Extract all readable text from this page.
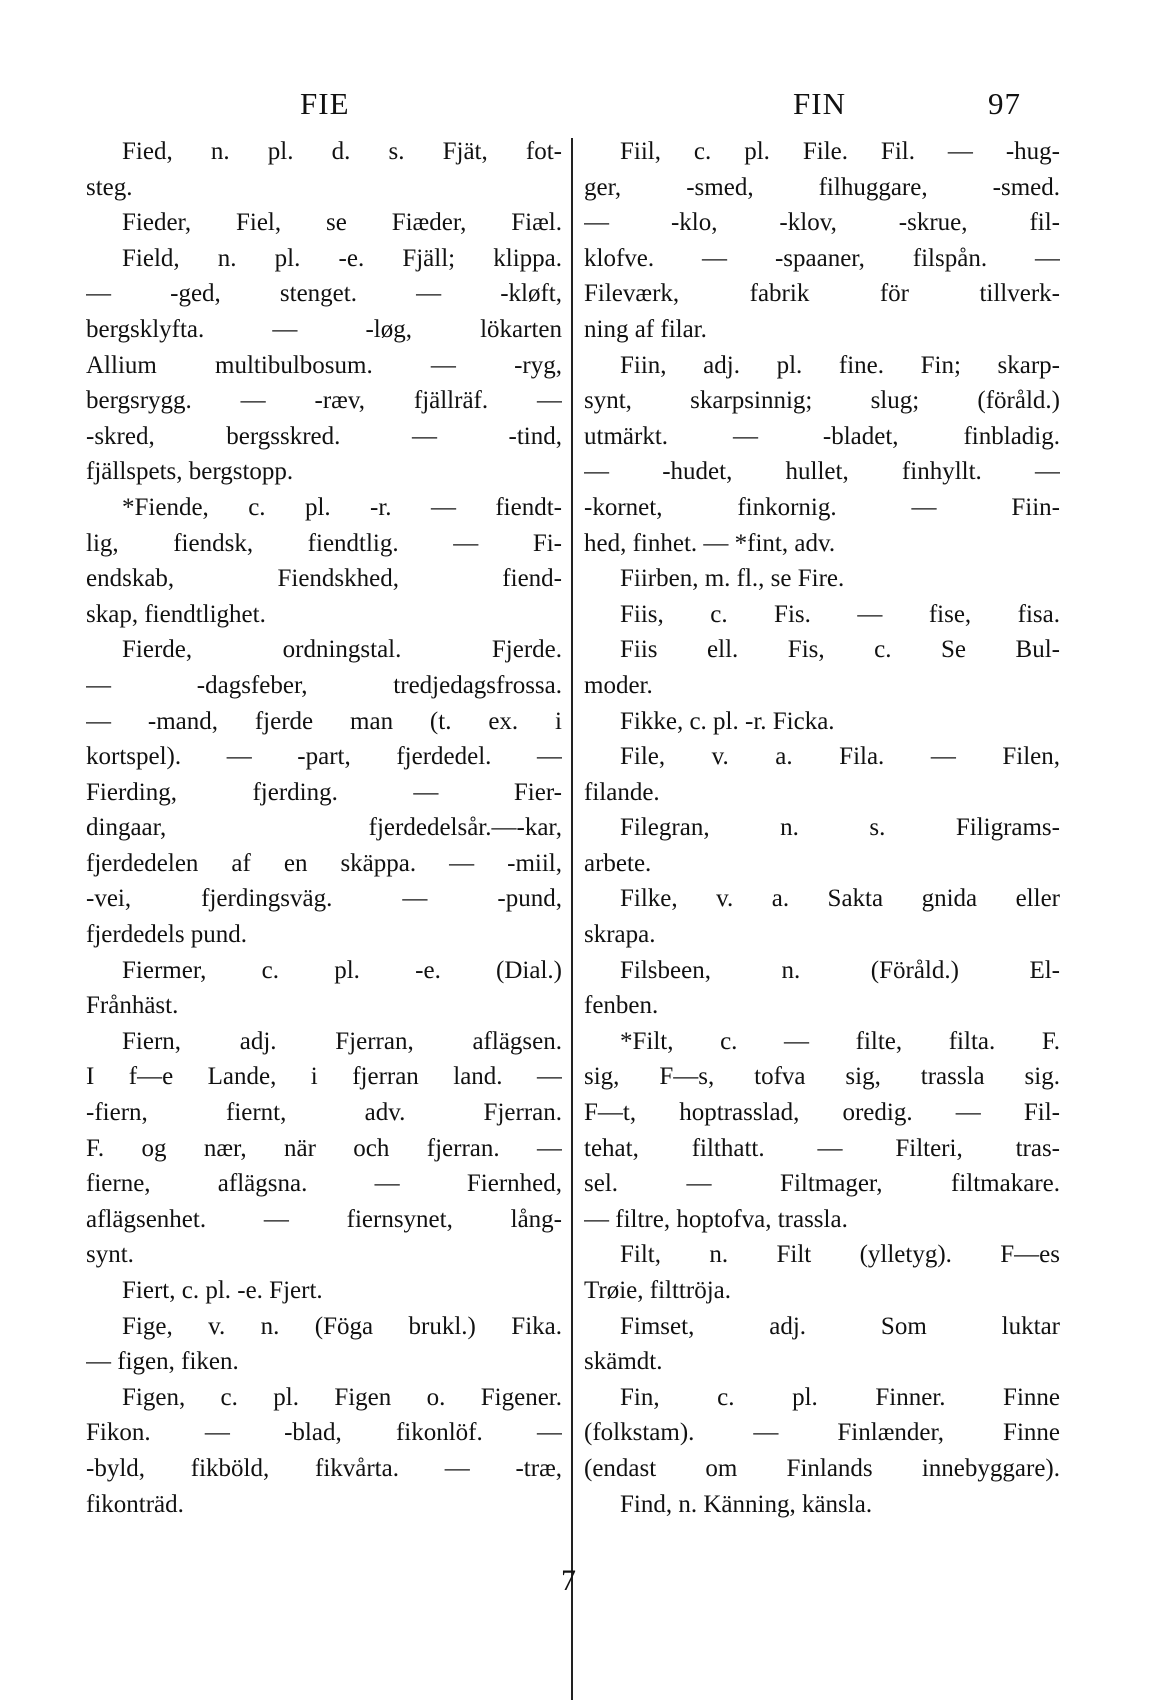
FIE	FIN	97
Fied, n. pl. d. s. Fjät, fot-
steg.
Fieder, Fiel, se Fiæder, Fiæl.
Field, n. pl. -e. Fjäll; klippa.
— -ged, stenget. — -kløft,
bergsklyfta. — -løg, lökarten
Allium multibulbosum. — -ryg,
bergsrygg. — -ræv, fjällräf. —
-skred, bergsskred. — -tind,
fjällspets, bergstopp.
*Fiende, c. pl. -r. — fiendt-
lig, fiendsk, fiendtlig. — Fi-
endskab, Fiendskhed, fiend-
skap, fiendtlighet.
Fierde, ordningstal. Fjerde.
— -dagsfeber, tredjedagsfrossa.
— -mand, fjerde man (t. ex. i
kortspel). — -part, fjerdedel. —
Fierding, fjerding. — Fier-
dingaar, fjerdedelsår.—-kar,
fjerdedelen af en skäppa. — -miil,
-vei, fjerdingsväg. — -pund,
fjerdedels pund.
Fiermer, c. pl. -e. (Dial.)
Frånhäst.
Fiern, adj. Fjerran, aflägsen.
I f—e Lande, i fjerran land. —
-fiern, fiernt, adv. Fjerran.
F. og nær, när och fjerran. —
fierne, aflägsna. — Fiernhed,
aflägsenhet. — fiernsynet, lång-
synt.
Fiert, c. pl. -e. Fjert.
Fige, v. n. (Föga brukl.) Fika.
— figen, fiken.
Figen, c. pl. Figen o. Figener.
Fikon. — -blad, fikonlöf. —
-byld, fikböld, fikvårta. — -træ,
fikonträd.
Fiil, c. pl. File. Fil. — -hug-
ger, -smed, filhuggare, -smed.
— -klo, -klov, -skrue, fil-
klofve. — -spaaner, filspån. —
Fileværk, fabrik för tillverk-
ning af filar.
Fiin, adj. pl. fine. Fin; skarp-
synt, skarpsinnig; slug; (föråld.)
utmärkt. — -bladet, finbladig.
— -hudet, hullet, finhyllt. —
-kornet, finkornig. — Fiin-
hed, finhet. — *fint, adv.
Fiirben, m. fl., se Fire.
Fiis, c. Fis. — fise, fisa.
Fiis ell. Fis, c. Se Bul-
moder.
Fikke, c. pl. -r. Ficka.
File, v. a. Fila. — Filen,
filande.
Filegran, n. s. Filigrams-
arbete.
Filke, v. a. Sakta gnida eller
skrapa.
Filsbeen, n. (Föråld.) El-
fenben.
*Filt, c. — filte, filta. F.
sig, F—s, tofva sig, trassla sig.
F—t, hoptrasslad, oredig. — Fil-
tehat, filthatt. — Filteri, tras-
sel. — Filtmager, filtmakare.
— filtre, hoptofva, trassla.
Filt, n. Filt (ylletyg). F—es
Trøie, filttröja.
Fimset, adj. Som luktar
skämdt.
Fin, c. pl. Finner. Finne
(folkstam). — Finlænder, Finne
(endast om Finlands innebyggare).
Find, n. Känning, känsla.
7
